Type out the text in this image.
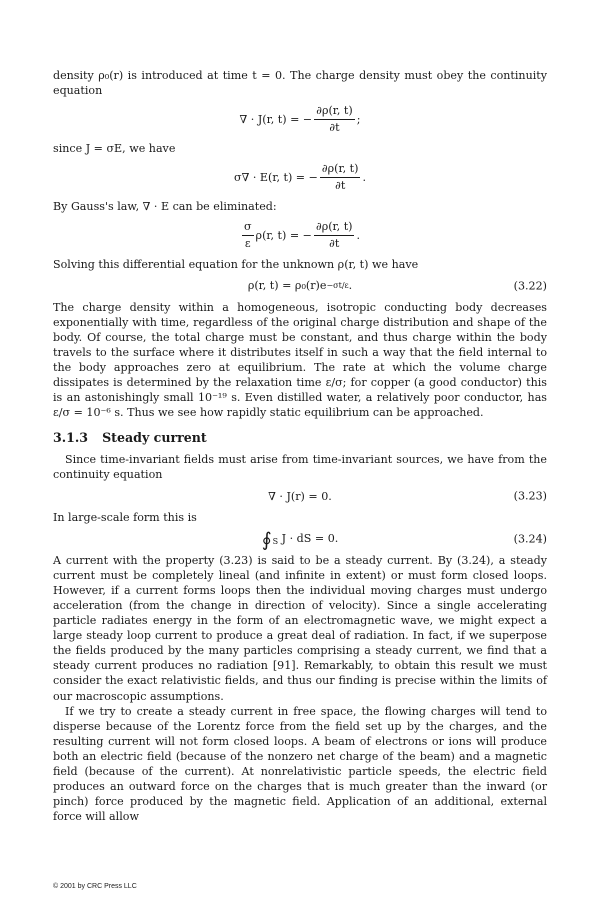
density ρ₀(r) is introduced at time t = 0. The charge density must obey the continuity equation

∇ · J(r, t) = − $\frac{\partial\rho(r, t)}{\partial t}$ ;

since J = σE, we have

σ∇ · E(r, t) = − $\frac{\partial\rho(r, t)}{\partial t}$ .

By Gauss's law, ∇ · E can be eliminated:

$\frac{\sigma}{\varepsilon} \rho(r$, t) = − $\frac{\partial\rho(r, t)}{\partial t}$ .

Solving this differential equation for the unknown ρ(r, t) we have

ρ(r, t) = ρ₀(r)e −σt/ε .	(3.22)

The charge density within a homogeneous, isotropic conducting body decreases exponentially with time, regardless of the original charge distribution and shape of the body. Of course, the total charge must be constant, and thus charge within the body travels to the surface where it distributes itself in such a way that the field internal to the body approaches zero at equilibrium. The rate at which the volume charge dissipates is determined by the relaxation time ε/σ; for copper (a good conductor) this is an astonishingly small 10⁻¹⁹ s. Even distilled water, a relatively poor conductor, has ε/σ = 10⁻⁶ s. Thus we see how rapidly static equilibrium can be approached.

3.1.3 Steady current

Since time-invariant fields must arise from time-invariant sources, we have from the continuity equation

∇ · J(r) = 0.	(3.23)

In large-scale form this is

∮ S
J · dS = 0.	(3.24)

A current with the property (3.23) is said to be a steady current. By (3.24), a steady current must be completely lineal (and infinite in extent) or must form closed loops. However, if a current forms loops then the individual moving charges must undergo acceleration (from the change in direction of velocity). Since a single accelerating particle radiates energy in the form of an electromagnetic wave, we might expect a large steady loop current to produce a great deal of radiation. In fact, if we superpose the fields produced by the many particles comprising a steady current, we find that a steady current produces no radiation [91]. Remarkably, to obtain this result we must consider the exact relativistic fields, and thus our finding is precise within the limits of our macroscopic assumptions.

If we try to create a steady current in free space, the flowing charges will tend to disperse because of the Lorentz force from the field set up by the charges, and the resulting current will not form closed loops. A beam of electrons or ions will produce both an electric field (because of the nonzero net charge of the beam) and a magnetic field (because of the current). At nonrelativistic particle speeds, the electric field produces an outward force on the charges that is much greater than the inward (or pinch) force produced by the magnetic field. Application of an additional, external force will allow

© 2001 by CRC Press LLC
